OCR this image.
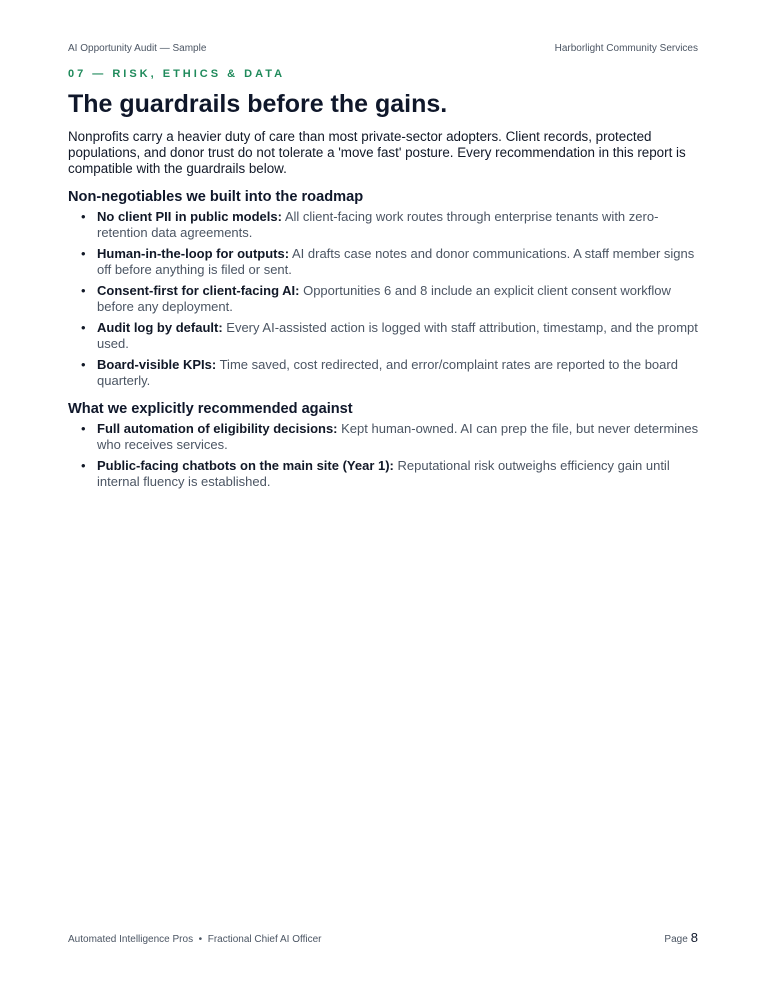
AI Opportunity Audit — Sample	Harborlight Community Services

07 — RISK, ETHICS & DATA

The guardrails before the gains.

Nonprofits carry a heavier duty of care than most private-sector adopters. Client records, protected populations, and donor trust do not tolerate a 'move fast' posture. Every recommendation in this report is compatible with the guardrails below.

Non-negotiables we built into the roadmap
• No client PII in public models: All client-facing work routes through enterprise tenants with zero-retention data agreements.
• Human-in-the-loop for outputs: AI drafts case notes and donor communications. A staff member signs off before anything is filed or sent.
• Consent-first for client-facing AI: Opportunities 6 and 8 include an explicit client consent workflow before any deployment.
• Audit log by default: Every AI-assisted action is logged with staff attribution, timestamp, and the prompt used.
• Board-visible KPIs: Time saved, cost redirected, and error/complaint rates are reported to the board quarterly.
What we explicitly recommended against
• Full automation of eligibility decisions: Kept human-owned. AI can prep the file, but never determines who receives services.
• Public-facing chatbots on the main site (Year 1): Reputational risk outweighs efficiency gain until internal fluency is established.
Automated Intelligence Pros • Fractional Chief AI Officer	Page 8
